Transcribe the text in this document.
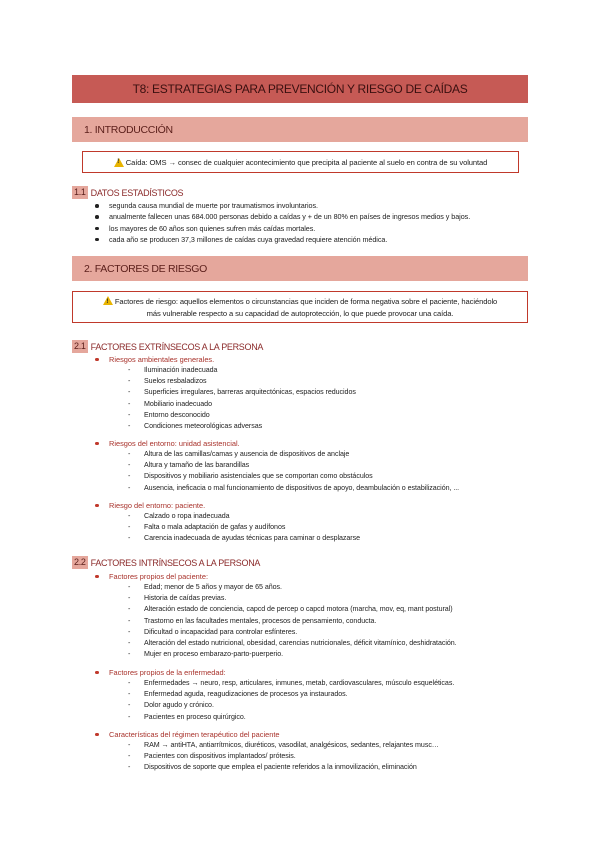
T8: ESTRATEGIAS PARA PREVENCIÓN Y RIESGO DE CAÍDAS
1. INTRODUCCIÓN
!
Caída: OMS → consec de cualquier acontecimiento que precipita al paciente al suelo en contra de su voluntad
1.1 DATOS ESTADÍSTICOS
segunda causa mundial de muerte por traumatismos involuntarios.
anualmente fallecen unas 684.000 personas debido a caídas y + de un 80% en países de ingresos medios y bajos.
los mayores de 60 años son quienes sufren más caídas mortales.
cada año se producen 37,3 millones de caídas cuya gravedad requiere atención médica.
2. FACTORES DE RIESGO
!Factores de riesgo: aquellos elementos o circunstancias que inciden de forma negativa sobre el paciente, haciéndolo
más vulnerable respecto a su capacidad de autoprotección, lo que puede provocar una caída.
2.1 FACTORES EXTRÍNSECOS A LA PERSONA
Riesgos ambientales generales.
- Iluminación inadecuada
- Suelos resbaladizos
- Superficies irregulares, barreras arquitectónicas, espacios reducidos
- Mobiliario inadecuado
- Entorno desconocido
- Condiciones meteorológicas adversas
Riesgos del entorno: unidad asistencial.
- Altura de las camillas/camas y ausencia de dispositivos de anclaje
- Altura y tamaño de las barandillas
- Dispositivos y mobiliario asistenciales que se comportan como obstáculos
- Ausencia, ineficacia o mal funcionamiento de dispositivos de apoyo, deambulación o estabilización, ...
Riesgo del entorno: paciente.
- Calzado o ropa inadecuada
- Falta o mala adaptación de gafas y audífonos
- Carencia inadecuada de ayudas técnicas para caminar o desplazarse
2.2 FACTORES INTRÍNSECOS A LA PERSONA
Factores propios del paciente:
- Edad; menor de 5 años y mayor de 65 años.
- Historia de caídas previas.
- Alteración estado de conciencia, capcd de percep o capcd motora (marcha, mov, eq, mant postural)
- Trastorno en las facultades mentales, procesos de pensamiento, conducta.
- Dificultad o incapacidad para controlar esfínteres.
- Alteración del estado nutricional, obesidad, carencias nutricionales, déficit vitamínico, deshidratación.
- Mujer en proceso embarazo-parto-puerperio.
Factores propios de la enfermedad:
- Enfermedades → neuro, resp, articulares, inmunes, metab, cardiovasculares, músculo esqueléticas.
- Enfermedad aguda, reagudizaciones de procesos ya instaurados.
- Dolor agudo y crónico.
- Pacientes en proceso quirúrgico.
Características del régimen terapéutico del paciente
- RAM → antiHTA, antiarrítmicos, diuréticos, vasodilat, analgésicos, sedantes, relajantes musc…
- Pacientes con dispositivos implantados/ prótesis.
- Dispositivos de soporte que emplea el paciente referidos a la inmovilización, eliminación
